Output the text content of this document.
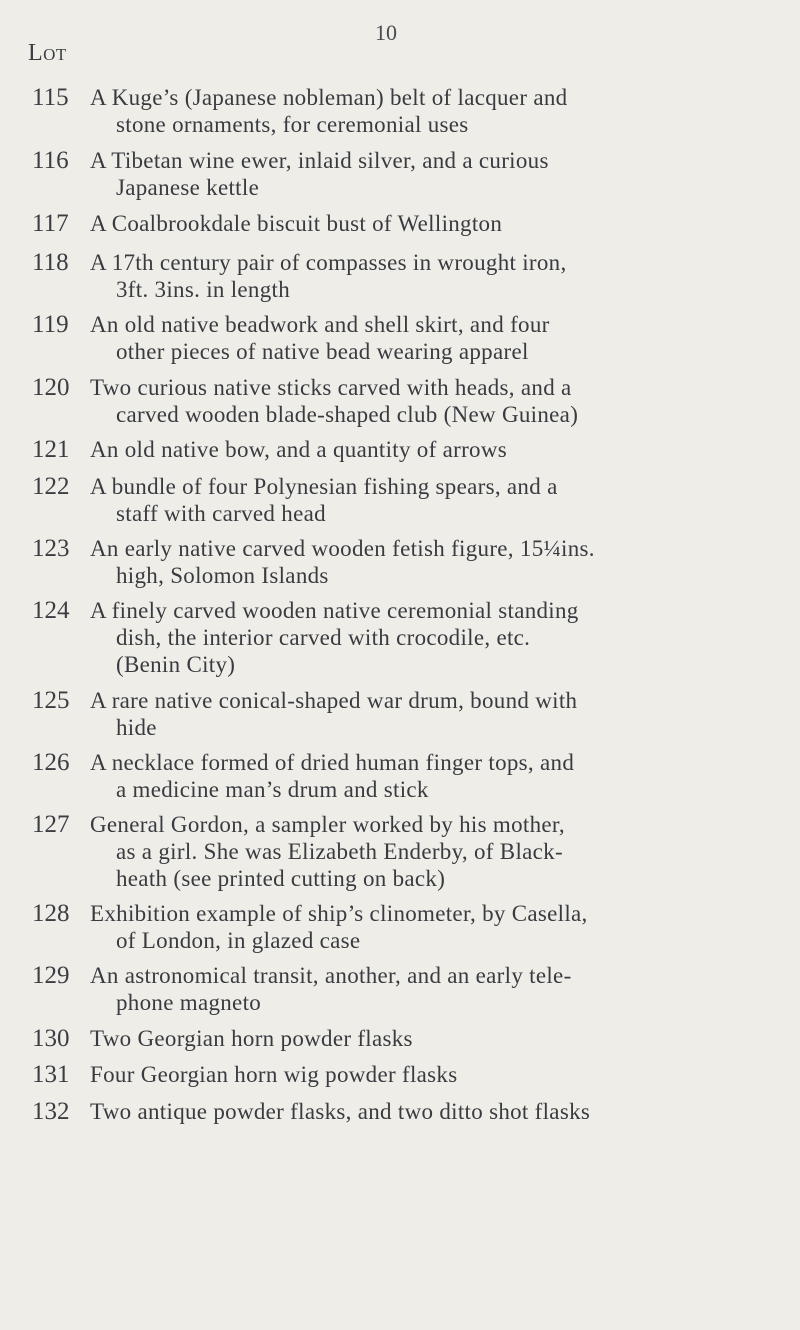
10
Lot
115 A Kuge’s (Japanese nobleman) belt of lacquer and
stone ornaments, for ceremonial uses
116 A Tibetan wine ewer, inlaid silver, and a curious
Japanese kettle
117 A Coalbrookdale biscuit bust of Wellington
118 A 17th century pair of compasses in wrought iron,
3ft. 3ins. in length
119 An old native beadwork and shell skirt, and four
other pieces of native bead wearing apparel
120 Two curious native sticks carved with heads, and a
carved wooden blade-shaped club (New Guinea)
121 An old native bow, and a quantity of arrows
122 A bundle of four Polynesian fishing spears, and a
staff with carved head
123 An early native carved wooden fetish figure, 15¼ins.
high, Solomon Islands
124 A finely carved wooden native ceremonial standing
dish, the interior carved with crocodile, etc.
(Benin City)
125 A rare native conical-shaped war drum, bound with
hide
126 A necklace formed of dried human finger tops, and
a medicine man’s drum and stick
127 General Gordon, a sampler worked by his mother,
as a girl. She was Elizabeth Enderby, of Black-
heath (see printed cutting on back)
128 Exhibition example of ship’s clinometer, by Casella,
of London, in glazed case
129 An astronomical transit, another, and an early tele-
phone magneto
130 Two Georgian horn powder flasks
131 Four Georgian horn wig powder flasks
132 Two antique powder flasks, and two ditto shot flasks
